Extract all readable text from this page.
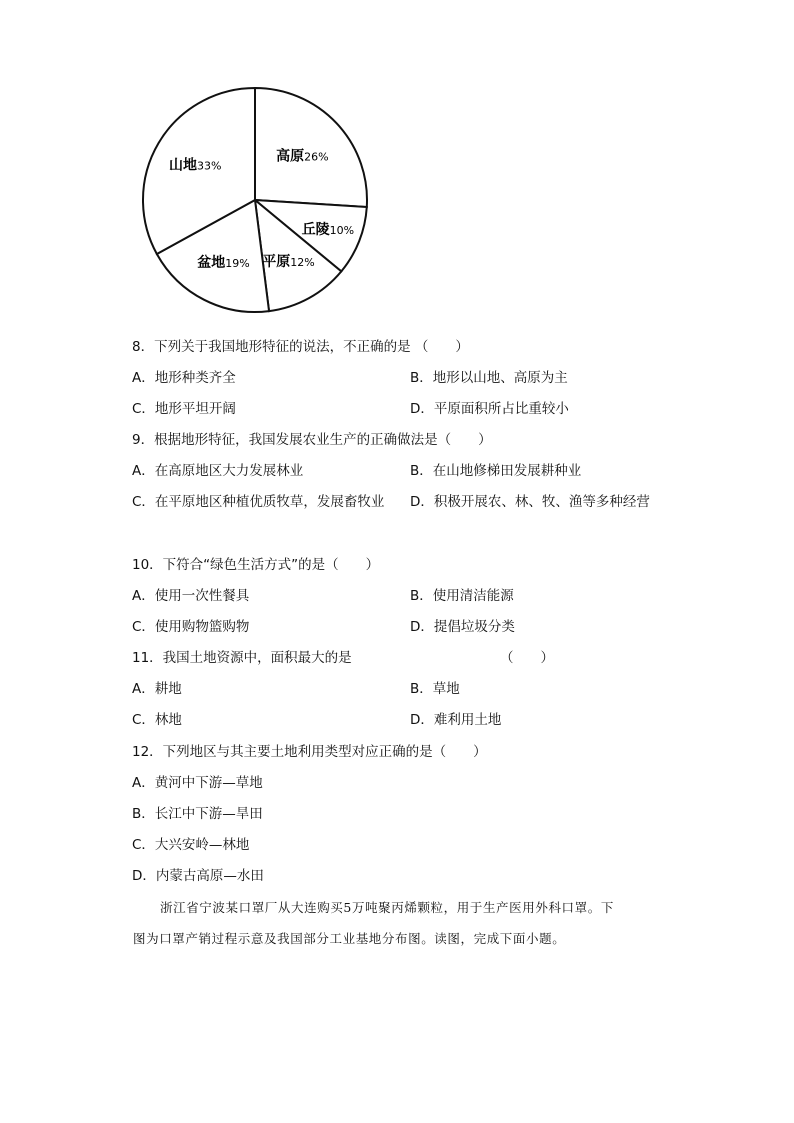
高原26%
丘陵10%
平原12%
盆地19%
山地33%
8．下列关于我国地形特征的说法，不正确的是 （　　）
A．地形种类齐全	B．地形以山地、高原为主
C．地形平坦开阔	D．平原面积所占比重较小
9．根据地形特征，我国发展农业生产的正确做法是（　　）
A．在高原地区大力发展林业	B．在山地修梯田发展耕种业
C．在平原地区种植优质牧草，发展畜牧业 D．积极开展农、林、牧、渔等多种经营
10．下符合“绿色生活方式”的是（　　）
A．使用一次性餐具	B．使用清洁能源
C．使用购物篮购物	D．提倡垃圾分类
11．我国土地资源中，面积最大的是	（　　）
A．耕地	B．草地
C．林地	D．难利用土地
12．下列地区与其主要土地利用类型对应正确的是（　　）
A．黄河中下游—草地
B．长江中下游—旱田
C．大兴安岭—林地
D．内蒙古高原—水田
浙江省宁波某口罩厂从大连购买5万吨聚丙烯颗粒，用于生产医用外科口罩。下
图为口罩产销过程示意及我国部分工业基地分布图。读图，完成下面小题。
